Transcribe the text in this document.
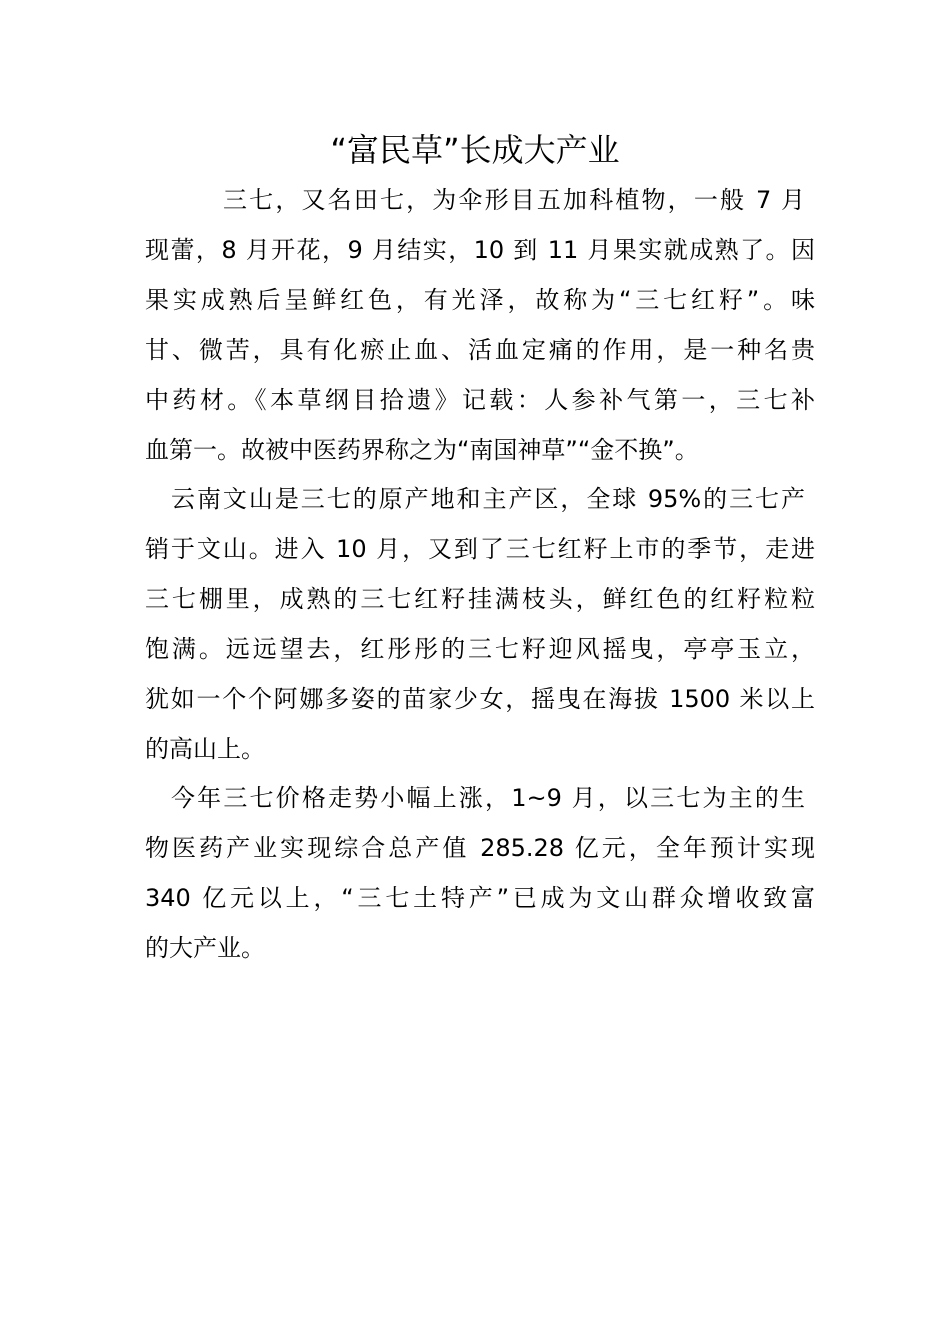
“富民草”长成大产业

三七，又名田七，为伞形目五加科植物，一般 7 月

现蕾，8 月开花，9 月结实，10 到 11 月果实就成熟了。因

果实成熟后呈鲜红色，有光泽，故称为“三七红籽”。味

甘、微苦，具有化瘀止血、活血定痛的作用，是一种名贵

中药材。《本草纲目拾遗》记载：人参补气第一，三七补

血第一。故被中医药界称之为“南国神草”“金不换”。

云南文山是三七的原产地和主产区，全球 95%的三七产

销于文山。进入 10 月，又到了三七红籽上市的季节，走进

三七棚里，成熟的三七红籽挂满枝头，鲜红色的红籽粒粒

饱满。远远望去，红彤彤的三七籽迎风摇曳，亭亭玉立，

犹如一个个阿娜多姿的苗家少女，摇曳在海拔 1500 米以上

的高山上。

今年三七价格走势小幅上涨，1~9 月，以三七为主的生

物医药产业实现综合总产值 285.28 亿元，全年预计实现

340 亿元以上，“三七土特产”已成为文山群众增收致富

的大产业。
